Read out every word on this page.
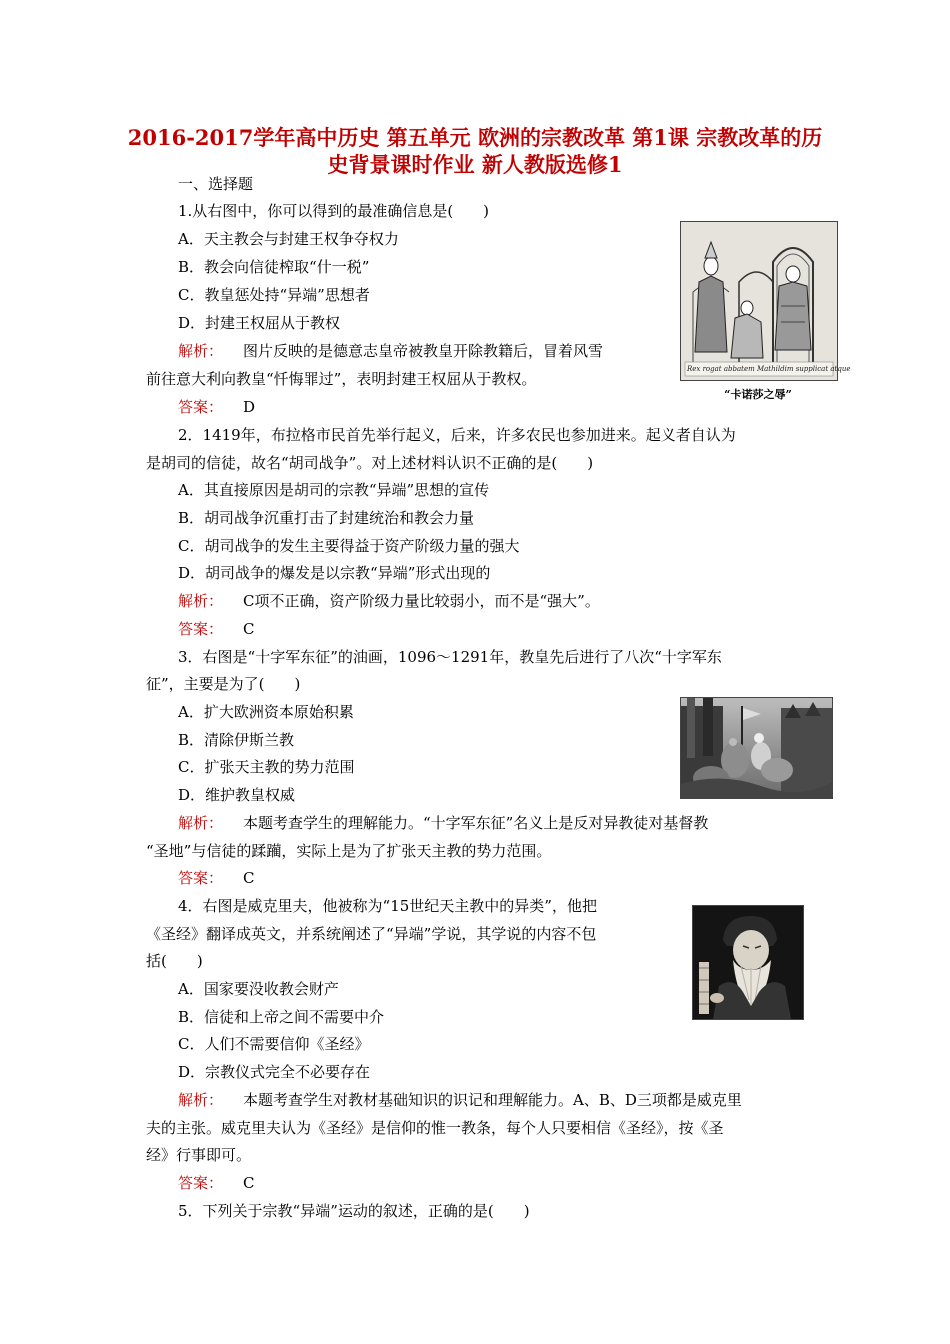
2016-2017学年高中历史 第五单元 欧洲的宗教改革 第1课 宗教改革的历史背景课时作业 新人教版选修1
一、选择题
1.从右图中，你可以得到的最准确信息是(　　)
A．天主教会与封建王权争夺权力
B．教会向信徒榨取“什一税”
C．教皇惩处持“异端”思想者
D．封建王权屈从于教权
解析： 图片反映的是德意志皇帝被教皇开除教籍后，冒着风雪
前往意大利向教皇“忏悔罪过”，表明封建王权屈从于教权。
答案： D
Rex rogat abbatem Mathildim supplicat atque
“卡诺莎之辱”
2．1419年，布拉格市民首先举行起义，后来，许多农民也参加进来。起义者自认为
是胡司的信徒，故名“胡司战争”。对上述材料认识不正确的是(　　)
A．其直接原因是胡司的宗教“异端”思想的宣传
B．胡司战争沉重打击了封建统治和教会力量
C．胡司战争的发生主要得益于资产阶级力量的强大
D．胡司战争的爆发是以宗教“异端”形式出现的
解析： C项不正确，资产阶级力量比较弱小，而不是“强大”。
答案： C
3．右图是“十字军东征”的油画，1096～1291年，教皇先后进行了八次“十字军东
征”，主要是为了(　　)
A．扩大欧洲资本原始积累
B．清除伊斯兰教
C．扩张天主教的势力范围
D．维护教皇权威
解析： 本题考查学生的理解能力。“十字军东征”名义上是反对异教徒对基督教
“圣地”与信徒的蹂躏，实际上是为了扩张天主教的势力范围。
答案： C
4．右图是威克里夫，他被称为“15世纪天主教中的异类”，他把
《圣经》翻译成英文，并系统阐述了“异端”学说，其学说的内容不包
括(　　)
A．国家要没收教会财产
B．信徒和上帝之间不需要中介
C．人们不需要信仰《圣经》
D．宗教仪式完全不必要存在
解析： 本题考查学生对教材基础知识的识记和理解能力。A、B、D三项都是威克里
夫的主张。威克里夫认为《圣经》是信仰的惟一教条，每个人只要相信《圣经》，按《圣
经》行事即可。
答案： C
5．下列关于宗教“异端”运动的叙述，正确的是(　　)
